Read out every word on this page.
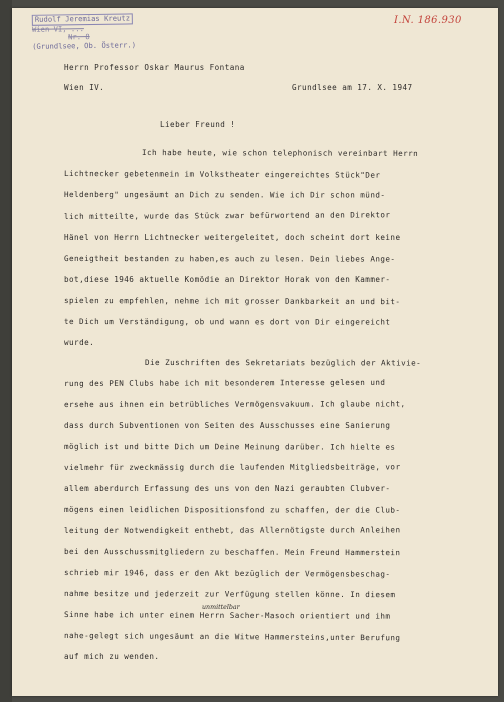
Rudolf Jeremias Kreutz

Wien VI, ...
Nr. 8
(Grundlsee, Ob. Österr.)
I.N. 186.930
Herrn Professor Oskar Maurus Fontana
Wien IV.	Grundlsee am 17. X. 1947
Lieber Freund !
Ich habe heute, wie schon telephonisch vereinbart Herrn
Lichtnecker gebetenmein im Volkstheater eingereichtes Stück"Der
Heldenberg" ungesäumt an Dich zu senden. Wie ich Dir schon münd-
lich mitteilte, wurde das Stück zwar befürwortend an den Direktor
Hänel von Herrn Lichtnecker weitergeleitet, doch scheint dort keine
Geneigtheit bestanden zu haben,es auch zu lesen. Dein liebes Ange-
bot,diese 1946 aktuelle Komödie an Direktor Horak von den Kammer-
spielen zu empfehlen, nehme ich mit grosser Dankbarkeit an und bit-
te Dich um Verständigung, ob und wann es dort von Dir eingereicht
wurde.
Die Zuschriften des Sekretariats bezüglich der Aktivie-
rung des PEN Clubs habe ich mit besonderem Interesse gelesen und
ersehe aus ihnen ein betrübliches Vermögensvakuum. Ich glaube nicht,
dass durch Subventionen von Seiten des Ausschusses eine Sanierung
möglich ist und bitte Dich um Deine Meinung darüber. Ich hielte es
vielmehr für zweckmässig durch die laufenden Mitgliedsbeiträge, vor
allem aberdurch Erfassung des uns von den Nazi geraubten Clubver-
mögens einen leidlichen Dispositionsfond zu schaffen, der die Club-
leitung der Notwendigkeit enthebt, das Allernötigste durch Anleihen
bei den Ausschussmitgliedern zu beschaffen. Mein Freund Hammerstein
schrieb mir 1946, dass er den Akt bezüglich der Vermögensbeschag-
nahme besitze und jederzeit zur Verfügung stellen könne. In diesem
Sinne habe ich unter einem Herrn Sacher-Masoch orientiert und ihm
nahe-gelegt sich ungesäumt an die Witwe Hammersteins,unter Berufung
auf mich zu wenden.
unmittelbar
